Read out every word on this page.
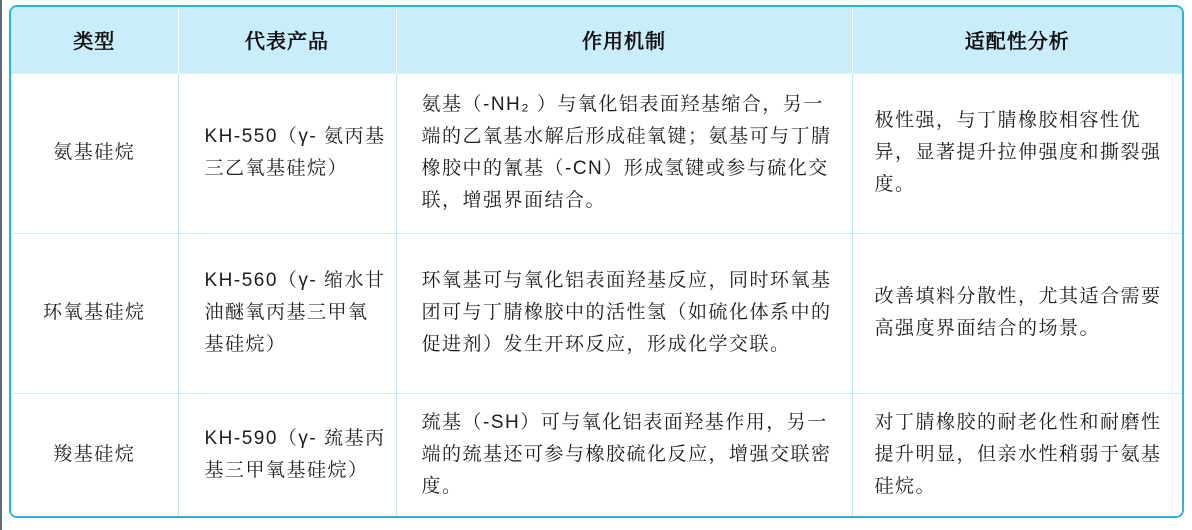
类型	代表产品	作用机制	适配性分析
氨基硅烷	KH-550（γ- 氨丙基三乙氧基硅烷）	氨基（-NH₂ ）与氧化铝表面羟基缩合，另一端的乙氧基水解后形成硅氧键；氨基可与丁腈橡胶中的氰基（-CN）形成氢键或参与硫化交联，增强界面结合。	极性强，与丁腈橡胶相容性优异，显著提升拉伸强度和撕裂强度。
环氧基硅烷	KH-560（γ- 缩水甘油醚氧丙基三甲氧基硅烷）	环氧基可与氧化铝表面羟基反应，同时环氧基团可与丁腈橡胶中的活性氢（如硫化体系中的促进剂）发生开环反应，形成化学交联。	改善填料分散性，尤其适合需要高强度界面结合的场景。
羧基硅烷	KH-590（γ- 巯基丙基三甲氧基硅烷）	巯基（-SH）可与氧化铝表面羟基作用，另一端的巯基还可参与橡胶硫化反应，增强交联密度。	对丁腈橡胶的耐老化性和耐磨性提升明显，但亲水性稍弱于氨基硅烷。
